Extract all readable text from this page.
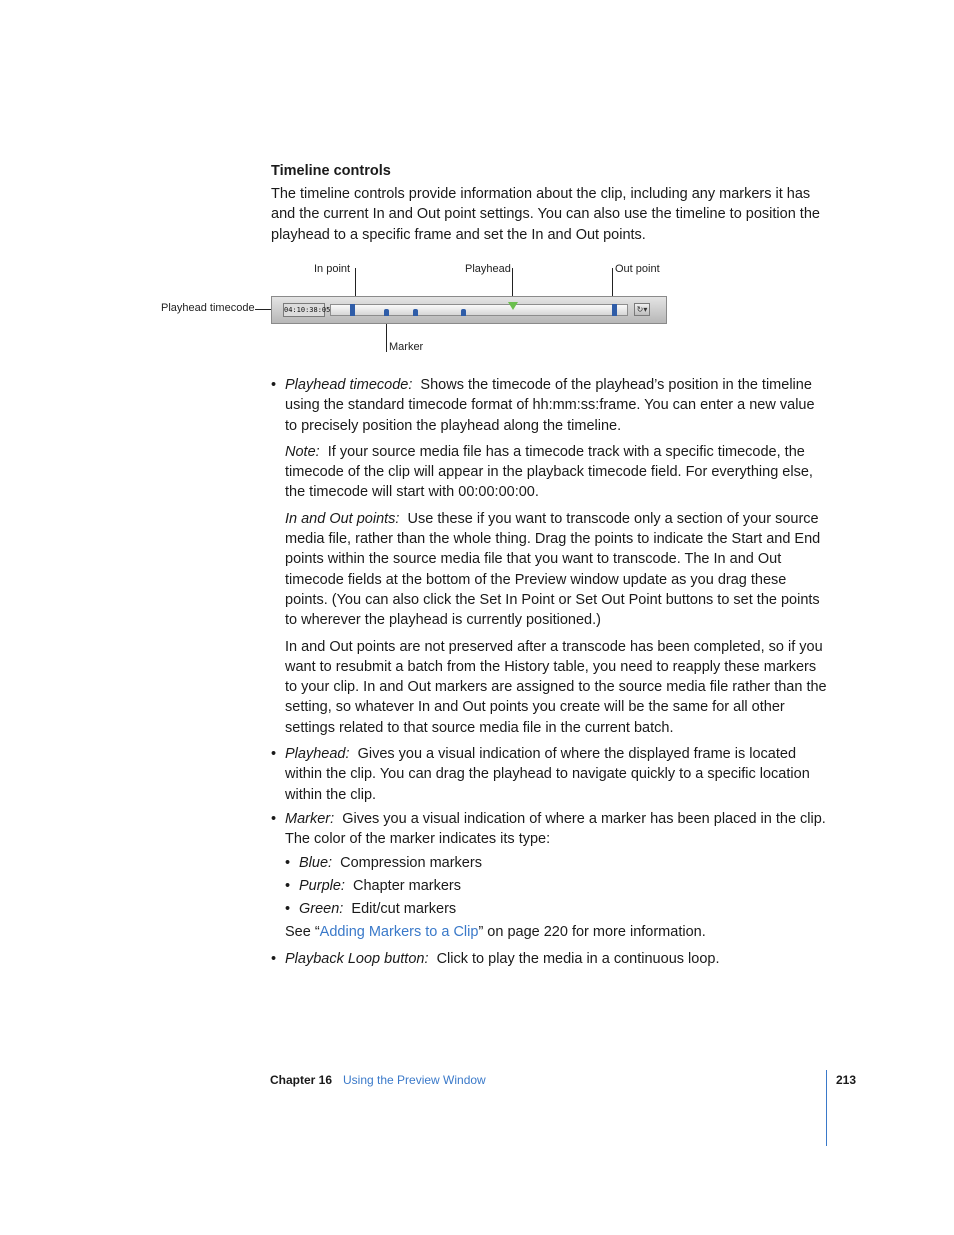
Timeline controls
The timeline controls provide information about the clip, including any markers it has and the current In and Out point settings. You can also use the timeline to position the playhead to a specific frame and set the In and Out points.
In point	Playhead	Out point
Playhead timecode
Marker
04:10:38:05	↻▾

• Playhead timecode: Shows the timecode of the playhead’s position in the timeline using the standard timecode format of hh:mm:ss:frame. You can enter a new value to precisely position the playhead along the timeline.

Note: If your source media file has a timecode track with a specific timecode, the timecode of the clip will appear in the playback timecode field. For everything else, the timecode will start with 00:00:00:00.

In and Out points: Use these if you want to transcode only a section of your source media file, rather than the whole thing. Drag the points to indicate the Start and End points within the source media file that you want to transcode. The In and Out timecode fields at the bottom of the Preview window update as you drag these points. (You can also click the Set In Point or Set Out Point buttons to set the points to wherever the playhead is currently positioned.)

In and Out points are not preserved after a transcode has been completed, so if you want to resubmit a batch from the History table, you need to reapply these markers to your clip. In and Out markers are assigned to the source media file rather than the setting, so whatever In and Out points you create will be the same for all other settings related to that source media file in the current batch.

• Playhead: Gives you a visual indication of where the displayed frame is located within the clip. You can drag the playhead to navigate quickly to a specific location within the clip.

• Marker: Gives you a visual indication of where a marker has been placed in the clip. The color of the marker indicates its type:

• Blue: Compression markers
• Purple: Chapter markers
• Green: Edit/cut markers

See “Adding Markers to a Clip” on page 220 for more information.

• Playback Loop button: Click to play the media in a continuous loop.

Chapter 16 Using the Preview Window	213
